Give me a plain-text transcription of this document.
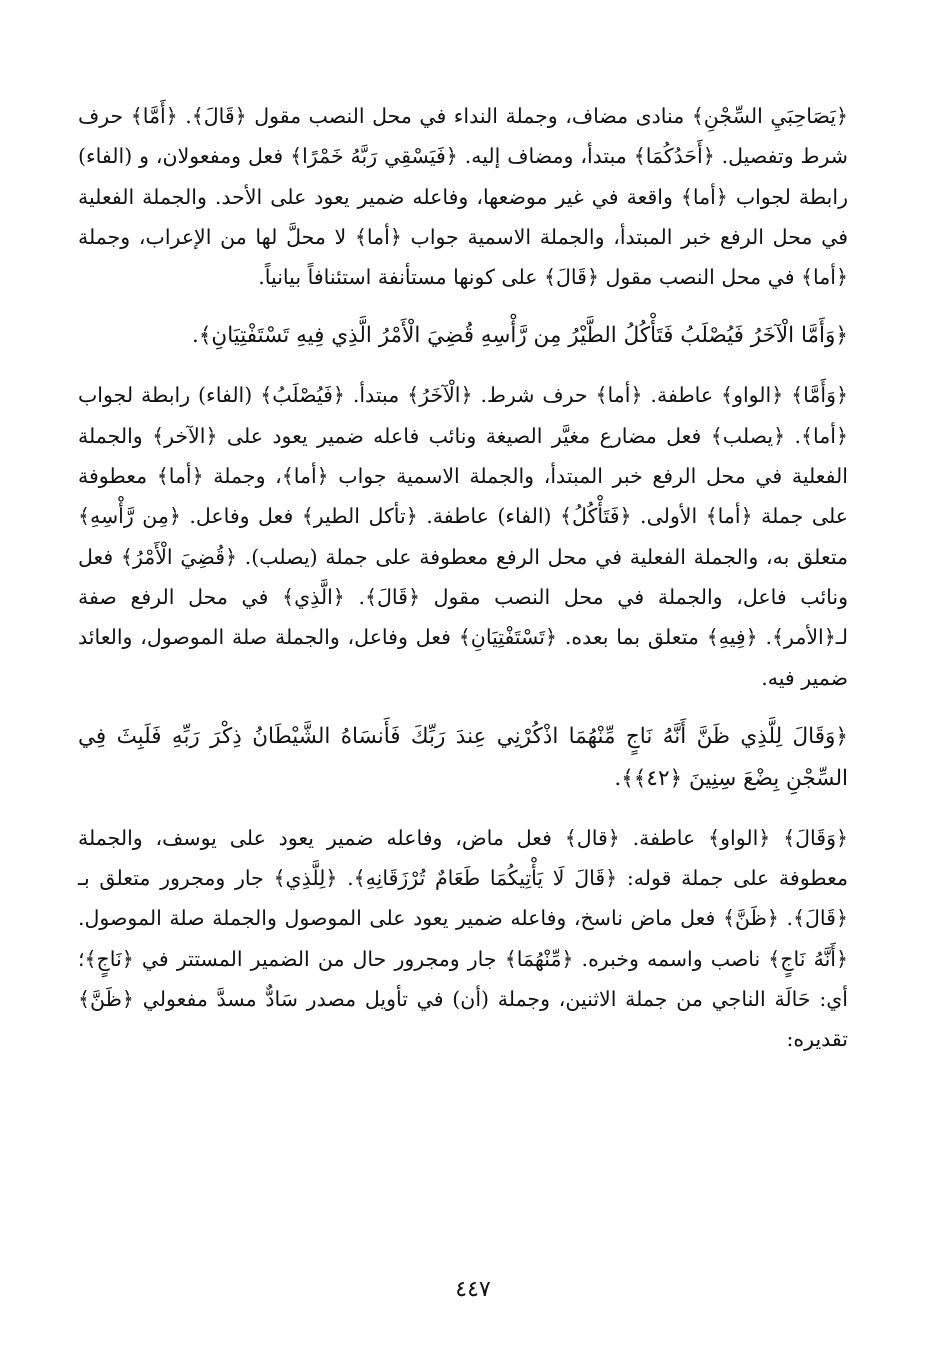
﴿يَصَاحِبَيِ السِّجْنِ﴾ منادى مضاف، وجملة النداء في محل النصب مقول ﴿قَالَ﴾. ﴿أَمَّا﴾ حرف شرط وتفصيل. ﴿أَحَدُكُمَا﴾ مبتدأ، ومضاف إليه. ﴿فَيَسْقِي رَبَّهُ خَمْرًا﴾ فعل ومفعولان، و (الفاء) رابطة لجواب ﴿أما﴾ واقعة في غير موضعها، وفاعله ضمير يعود على الأحد. والجملة الفعلية في محل الرفع خبر المبتدأ، والجملة الاسمية جواب ﴿أما﴾ لا محلَّ لها من الإعراب، وجملة ﴿أما﴾ في محل النصب مقول ﴿قَالَ﴾ على كونها مستأنفة استئنافاً بيانياً.

﴿وَأَمَّا الْآخَرُ فَيُصْلَبُ فَتَأْكُلُ الطَّيْرُ مِن رَّأْسِهِ قُضِيَ الْأَمْرُ الَّذِي فِيهِ تَسْتَفْتِيَانِ﴾.

﴿وَأَمَّا﴾ ﴿الواو﴾ عاطفة. ﴿أما﴾ حرف شرط. ﴿الْآخَرُ﴾ مبتدأ. ﴿فَيُصْلَبُ﴾ (الفاء) رابطة لجواب ﴿أما﴾. ﴿يصلب﴾ فعل مضارع مغيَّر الصيغة ونائب فاعله ضمير يعود على ﴿الآخر﴾ والجملة الفعلية في محل الرفع خبر المبتدأ، والجملة الاسمية جواب ﴿أما﴾، وجملة ﴿أما﴾ معطوفة على جملة ﴿أما﴾ الأولى. ﴿فَتَأْكُلُ﴾ (الفاء) عاطفة. ﴿تأكل الطير﴾ فعل وفاعل. ﴿مِن رَّأْسِهِ﴾ متعلق به، والجملة الفعلية في محل الرفع معطوفة على جملة (يصلب). ﴿قُضِيَ الْأَمْرُ﴾ فعل ونائب فاعل، والجملة في محل النصب مقول ﴿قَالَ﴾. ﴿الَّذِي﴾ في محل الرفع صفة لـ﴿الأمر﴾. ﴿فِيهِ﴾ متعلق بما بعده. ﴿تَسْتَفْتِيَانِ﴾ فعل وفاعل، والجملة صلة الموصول، والعائد ضمير فيه.

﴿وَقَالَ لِلَّذِي ظَنَّ أَنَّهُ نَاجٍ مِّنْهُمَا اذْكُرْنِي عِندَ رَبِّكَ فَأَنسَاهُ الشَّيْطَانُ ذِكْرَ رَبِّهِ فَلَبِثَ فِي السِّجْنِ بِضْعَ سِنِينَ ﴿٤٢﴾﴾.

﴿وَقَالَ﴾ ﴿الواو﴾ عاطفة. ﴿قال﴾ فعل ماض، وفاعله ضمير يعود على يوسف، والجملة معطوفة على جملة قوله: ﴿قَالَ لَا يَأْتِيكُمَا طَعَامٌ تُرْزَقَانِهِ﴾. ﴿لِلَّذِي﴾ جار ومجرور متعلق بـ ﴿قَالَ﴾. ﴿ظَنَّ﴾ فعل ماض ناسخ، وفاعله ضمير يعود على الموصول والجملة صلة الموصول. ﴿أَنَّهُ نَاجٍ﴾ ناصب واسمه وخبره. ﴿مِّنْهُمَا﴾ جار ومجرور حال من الضمير المستتر في ﴿نَاجٍ﴾؛ أي: حَالَة الناجي من جملة الاثنين، وجملة (أن) في تأويل مصدر سَادٌّ مسدَّ مفعولي ﴿ظَنَّ﴾ تقديره:

٤٤٧
